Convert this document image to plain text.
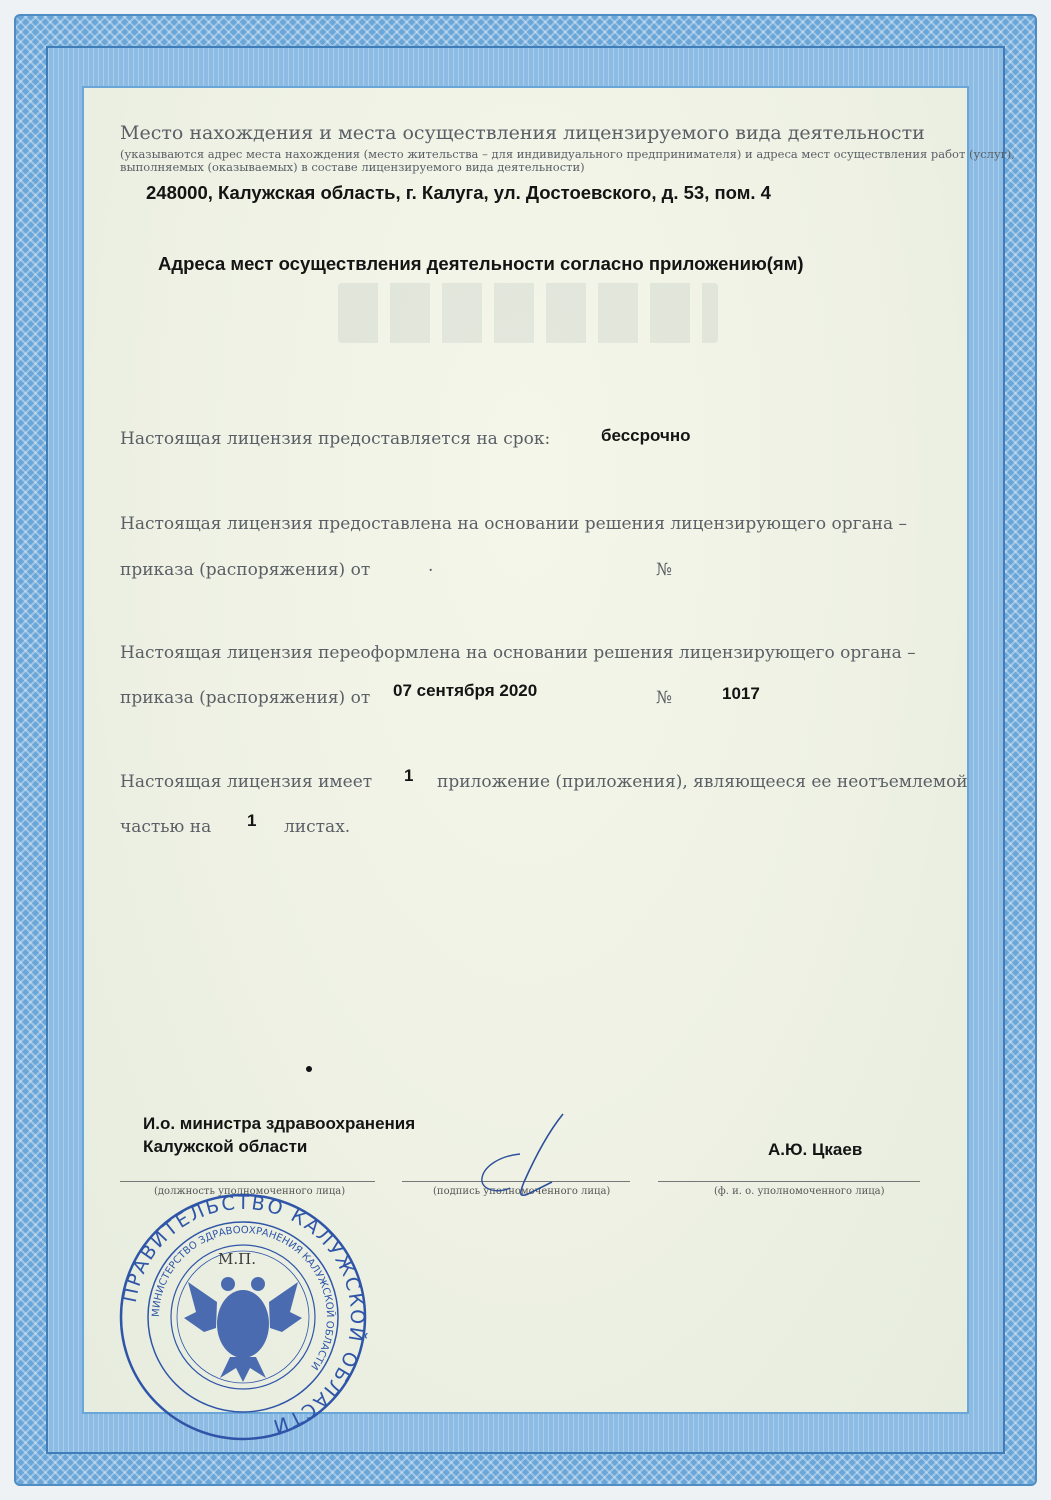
Место нахождения и места осуществления лицензируемого вида деятельности

(указываются адрес места нахождения (место жительства – для индивидуального предпринимателя) и адреса мест осуществления работ (услуг),

выполняемых (оказываемых) в составе лицензируемого вида деятельности)

248000, Калужская область, г. Калуга, ул. Достоевского, д. 53, пом. 4

Адреса мест осуществления деятельности согласно приложению(ям)

Настоящая лицензия предоставляется на срок:	бессрочно

Настоящая лицензия предоставлена на основании решения лицензирующего органа –

приказа (распоряжения) от	.	№

Настоящая лицензия переоформлена на основании решения лицензирующего органа –

приказа (распоряжения) от 07 сентября 2020	№	1017

Настоящая лицензия имеет 1 приложение (приложения), являющееся ее неотъемлемой

частью на 1 листах.

И.о. министра здравоохранения

Калужской области	А.Ю. Цкаев

(должность уполномоченного лица)	(подпись уполномоченного лица)	(ф. и. о. уполномоченного лица)

ПРАВИТЕЛЬСТВО КАЛУЖСКОЙ ОБЛАСТИ
МИНИСТЕРСТВО ЗДРАВООХРАНЕНИЯ КАЛУЖСКОЙ ОБЛАСТИ
М.П.
